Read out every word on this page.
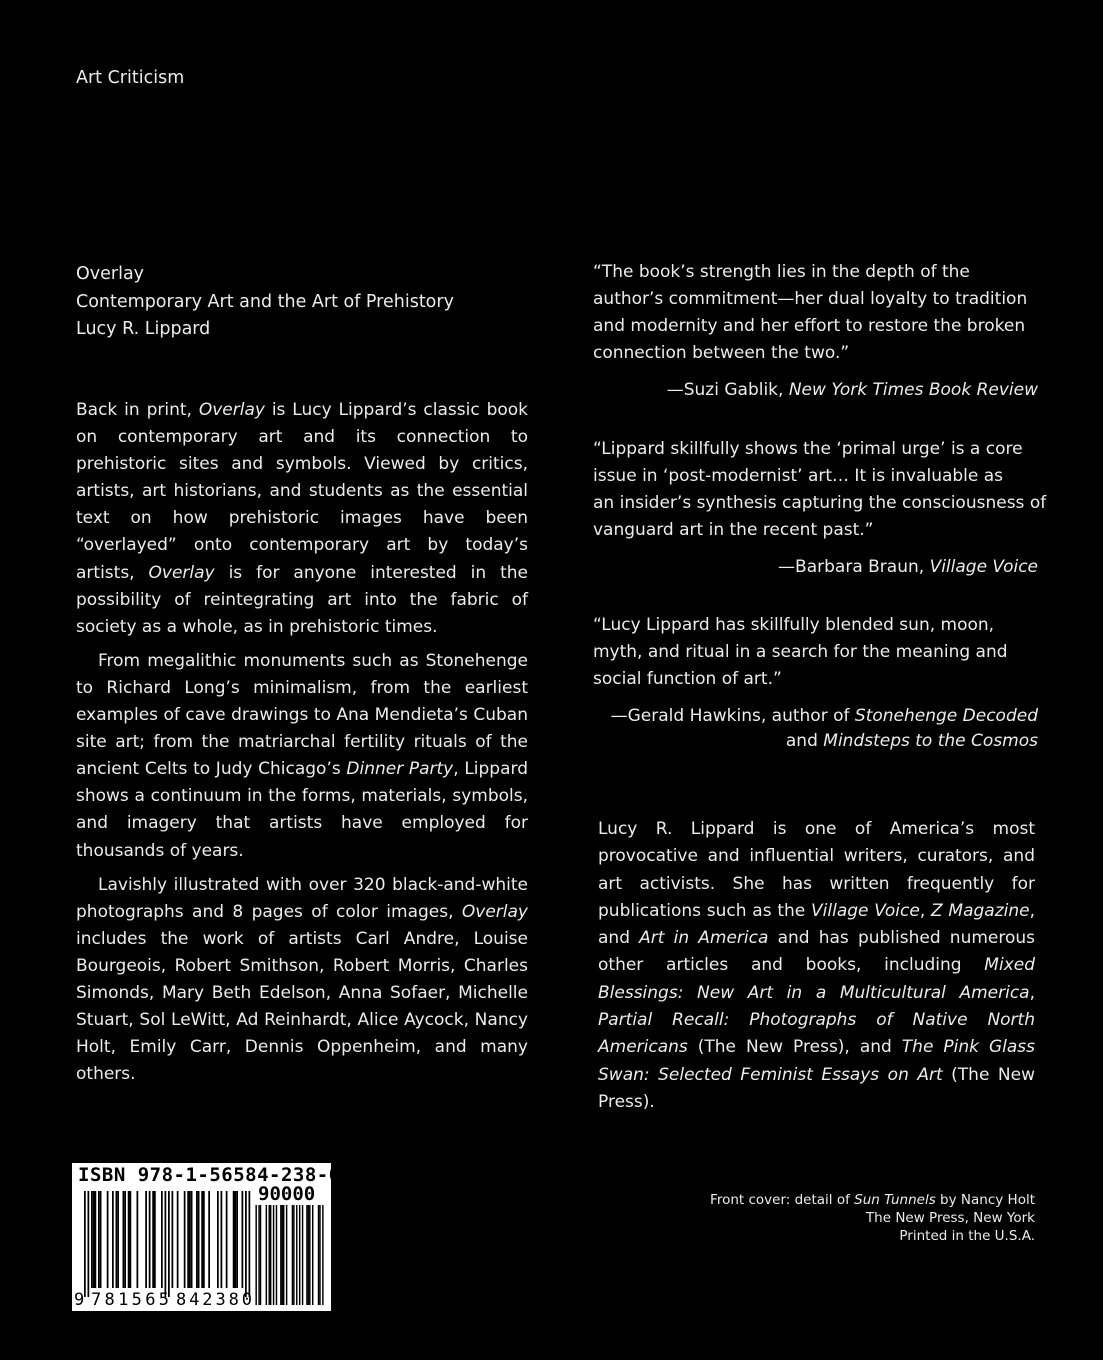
Art Criticism
Overlay
Contemporary Art and the Art of Prehistory
Lucy R. Lippard

Back in print, Overlay is Lucy Lippard’s classic book on contemporary art and its connection to prehistoric sites and symbols. Viewed by critics, artists, art historians, and students as the essential text on how prehistoric images have been “overlayed” onto contemporary art by today’s artists, Overlay is for anyone interested in the possibility of reintegrating art into the fabric of society as a whole, as in prehistoric times.

From megalithic monuments such as Stonehenge to Richard Long’s minimalism, from the earliest examples of cave drawings to Ana Mendieta’s Cuban site art; from the matriarchal fertility rituals of the ancient Celts to Judy Chicago’s Dinner Party, Lippard shows a continuum in the forms, materials, symbols, and imagery that artists have employed for thousands of years.

Lavishly illustrated with over 320 black-and-white photographs and 8 pages of color images, Overlay includes the work of artists Carl Andre, Louise Bourgeois, Robert Smithson, Robert Morris, Charles Simonds, Mary Beth Edelson, Anna Sofaer, Michelle Stuart, Sol LeWitt, Ad Reinhardt, Alice Aycock, Nancy Holt, Emily Carr, Dennis Oppenheim, and many others.

“The book’s strength lies in the depth of the
author’s commitment—her dual loyalty to tradition
and modernity and her effort to restore the broken
connection between the two.”
—Suzi Gablik, New York Times Book Review
“Lippard skillfully shows the ‘primal urge’ is a core
issue in ‘post-modernist’ art… It is invaluable as
an insider’s synthesis capturing the consciousness of
vanguard art in the recent past.”
—Barbara Braun, Village Voice
“Lucy Lippard has skillfully blended sun, moon,
myth, and ritual in a search for the meaning and
social function of art.”
—Gerald Hawkins, author of Stonehenge Decoded
and Mindsteps to the Cosmos

Lucy R. Lippard is one of America’s most provocative and influential writers, curators, and art activists. She has written frequently for publications such as the Village Voice, Z Magazine, and Art in America and has published numerous other articles and books, including Mixed Blessings: New Art in a Multicultural America, Partial Recall: Photographs of Native North Americans (The New Press), and The Pink Glass Swan: Selected Feminist Essays on Art (The New Press).

ISBN 978-1-56584-238-0
90000
9 781565 842380
Front cover: detail of Sun Tunnels by Nancy Holt
The New Press, New York
Printed in the U.S.A.
